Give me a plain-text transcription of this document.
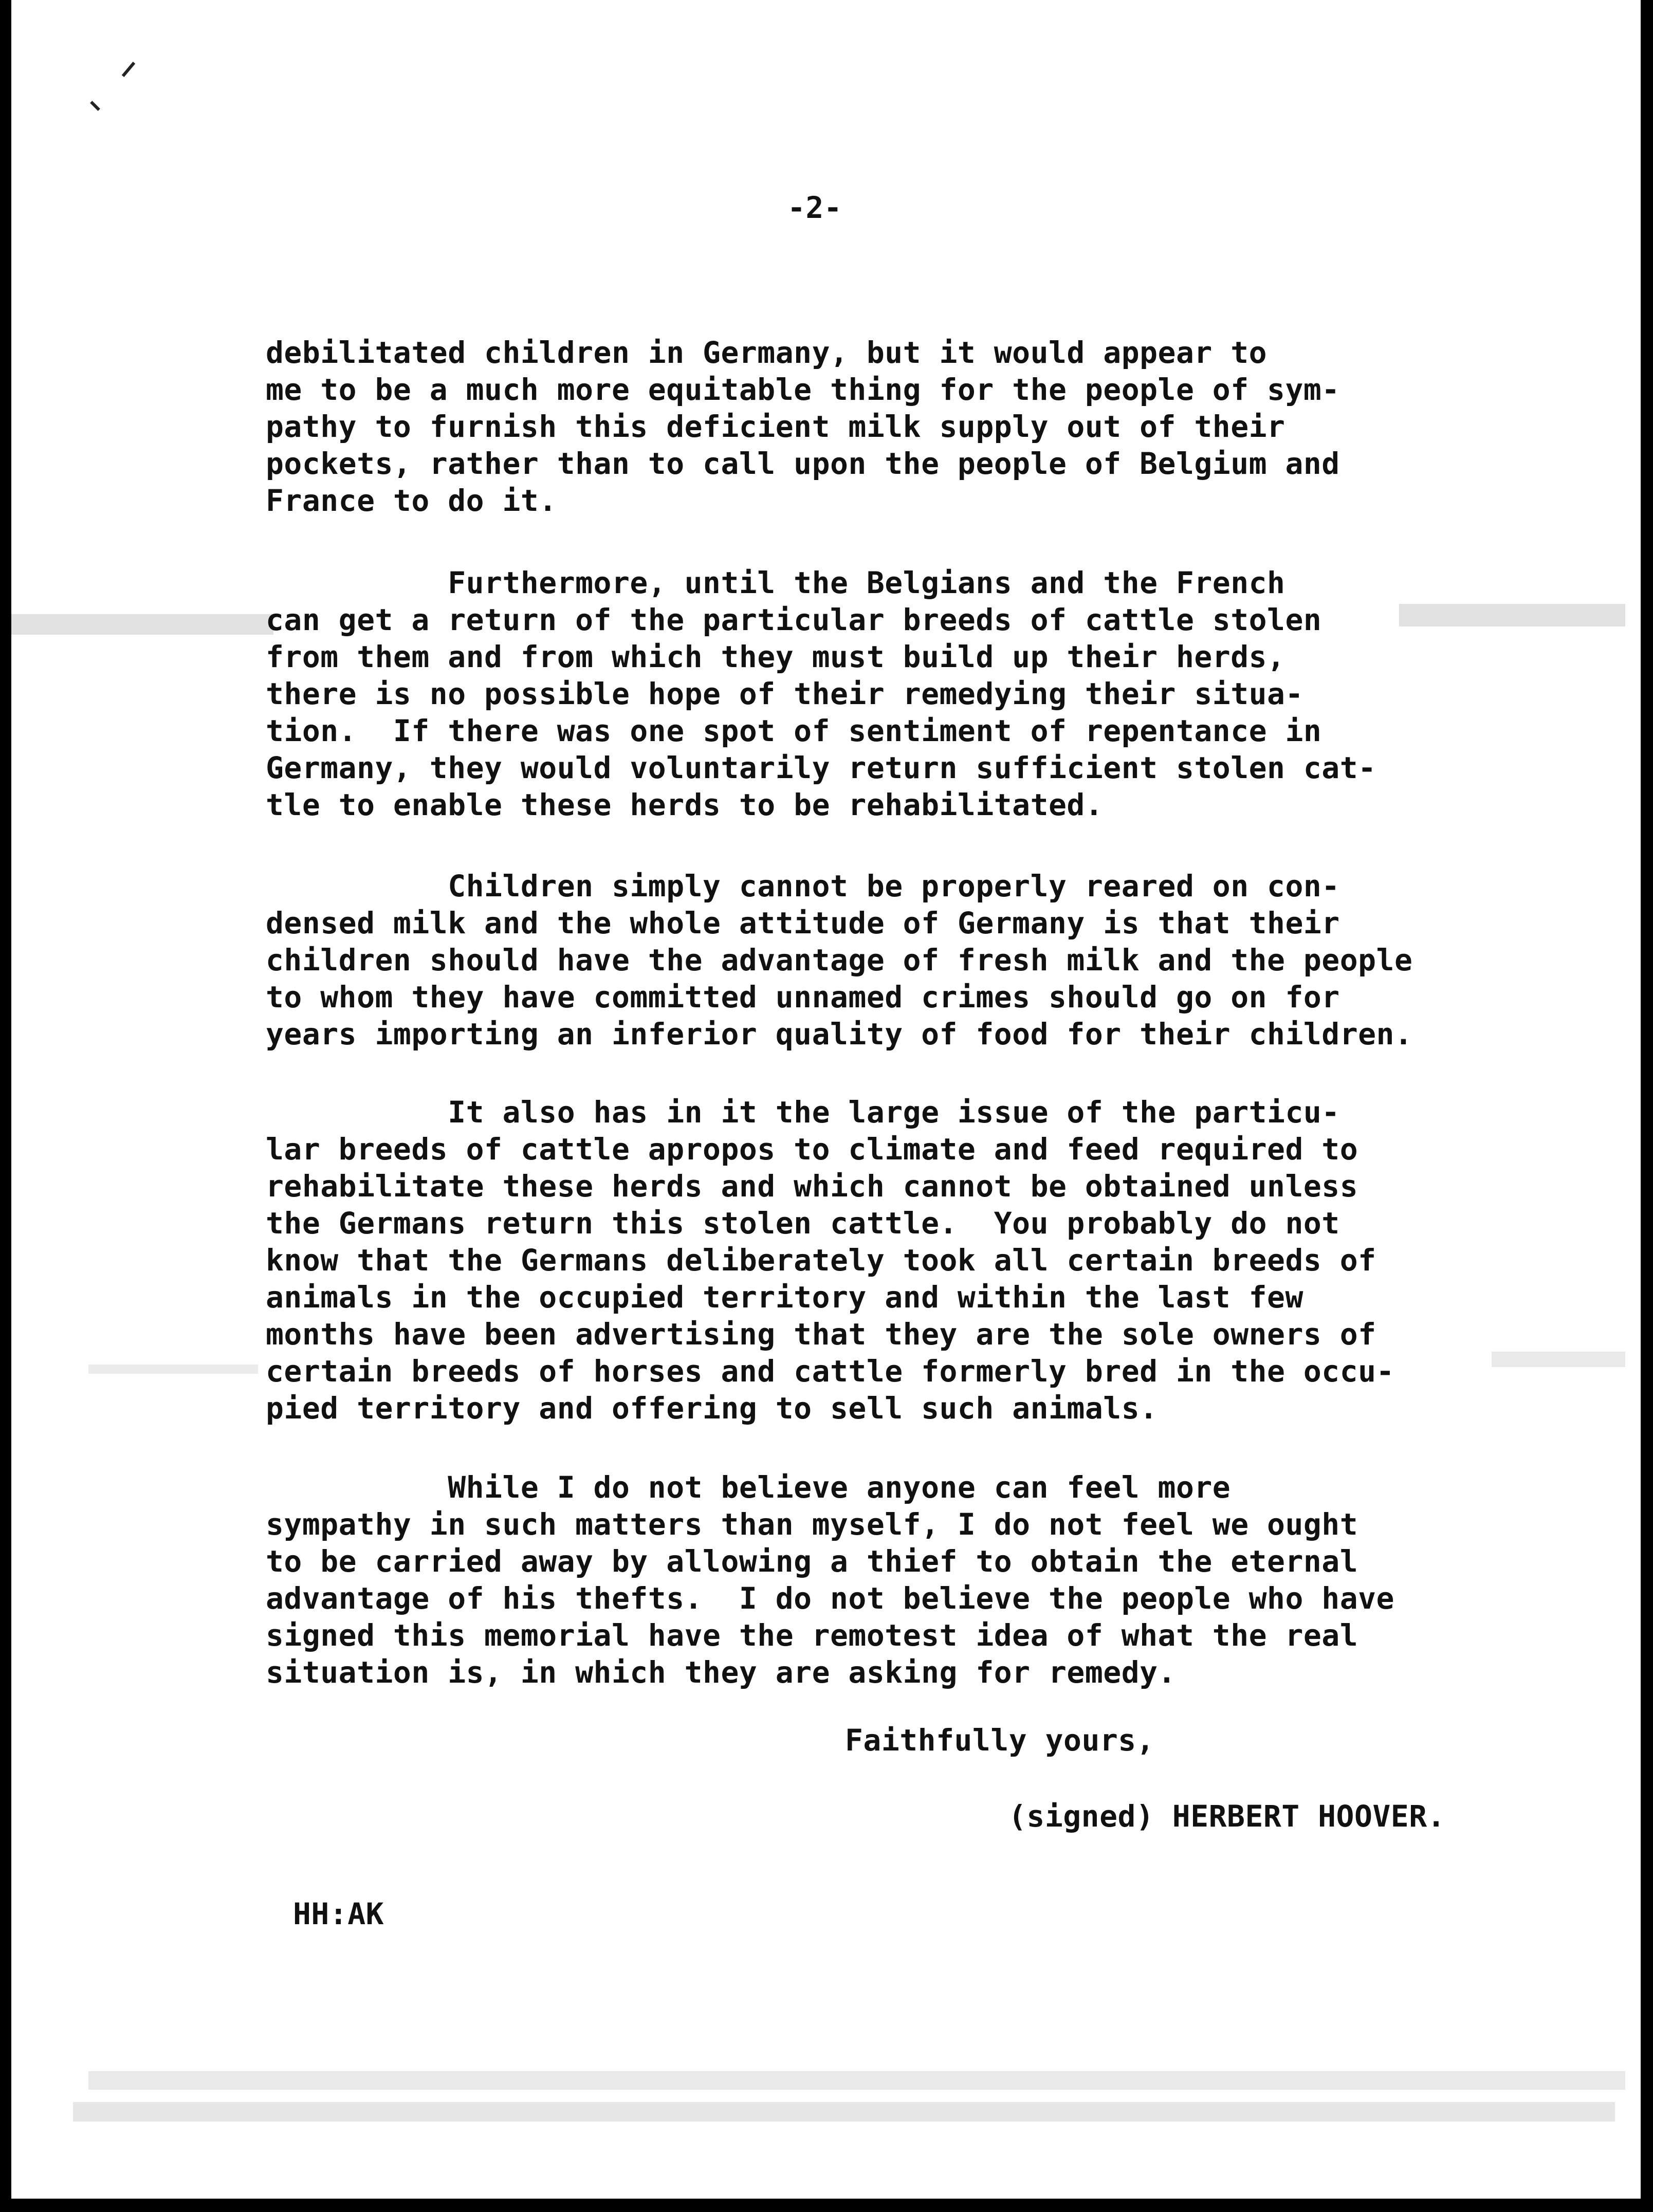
-2-
debilitated children in Germany, but it would appear to
me to be a much more equitable thing for the people of sym-
pathy to furnish this deficient milk supply out of their
pockets, rather than to call upon the people of Belgium and
France to do it.
Furthermore, until the Belgians and the French
can get a return of the particular breeds of cattle stolen
from them and from which they must build up their herds,
there is no possible hope of their remedying their situa-
tion.  If there was one spot of sentiment of repentance in
Germany, they would voluntarily return sufficient stolen cat-
tle to enable these herds to be rehabilitated.
Children simply cannot be properly reared on con-
densed milk and the whole attitude of Germany is that their
children should have the advantage of fresh milk and the people
to whom they have committed unnamed crimes should go on for
years importing an inferior quality of food for their children.
It also has in it the large issue of the particu-
lar breeds of cattle apropos to climate and feed required to
rehabilitate these herds and which cannot be obtained unless
the Germans return this stolen cattle.  You probably do not
know that the Germans deliberately took all certain breeds of
animals in the occupied territory and within the last few
months have been advertising that they are the sole owners of
certain breeds of horses and cattle formerly bred in the occu-
pied territory and offering to sell such animals.
While I do not believe anyone can feel more
sympathy in such matters than myself, I do not feel we ought
to be carried away by allowing a thief to obtain the eternal
advantage of his thefts.  I do not believe the people who have
signed this memorial have the remotest idea of what the real
situation is, in which they are asking for remedy.
Faithfully yours,
(signed) HERBERT HOOVER.
HH:AK
